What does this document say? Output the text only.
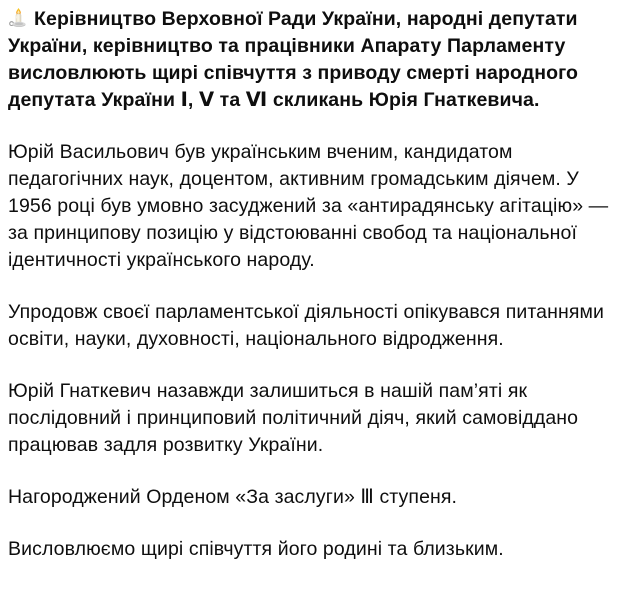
Керівництво Верховної Ради України, народні депутати України, керівництво та працівники Апарату Парламенту висловлюють щирі співчуття з приводу смерті народного депутата України Ⅰ, Ⅴ та Ⅵ скликань Юрія Гнаткевича.

Юрій Васильович був українським вченим, кандидатом педагогічних наук, доцентом, активним громадським діячем. У 1956 році був умовно засуджений за «антирадянську агітацію» — за принципову позицію у відстоюванні свобод та національної ідентичності українського народу.

Упродовж своєї парламентської діяльності опікувався питаннями освіти, науки, духовності, національного відродження.

Юрій Гнаткевич назавжди залишиться в нашій пам’яті як послідовний і принциповий політичний діяч, який самовіддано працював задля розвитку України.

Нагороджений Орденом «За заслуги» Ⅲ ступеня.

Висловлюємо щирі співчуття його родині та близьким.
